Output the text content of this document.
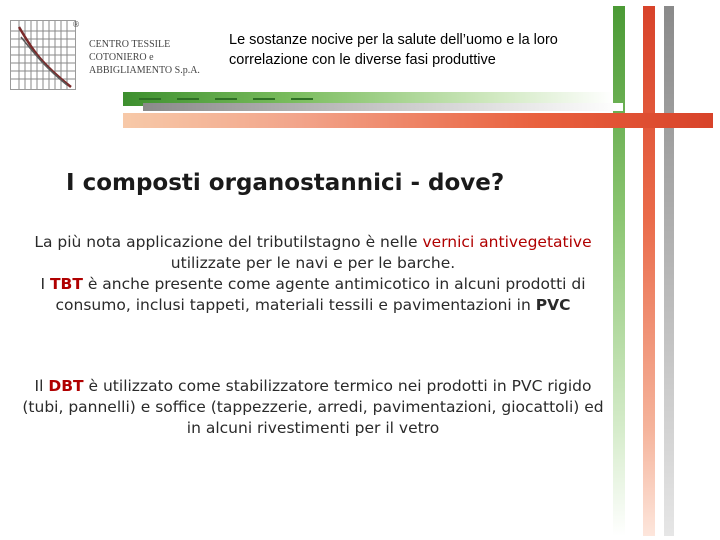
®
CENTRO TESSILE
COTONIERO e
ABBIGLIAMENTO S.p.A.
Le sostanze nocive per la salute dell’uomo e la loro correlazione con le diverse fasi produttive
I composti organostannici - dove?
La più nota applicazione del tributilstagno è nelle vernici antivegetative utilizzate per le navi e per le barche.
I TBT è anche presente come agente antimicotico in alcuni prodotti di consumo, inclusi tappeti, materiali tessili e pavimentazioni in PVC
Il DBT è utilizzato come stabilizzatore termico nei prodotti in PVC rigido (tubi, pannelli) e soffice (tappezzerie, arredi, pavimentazioni, giocattoli) ed in alcuni rivestimenti per il vetro
